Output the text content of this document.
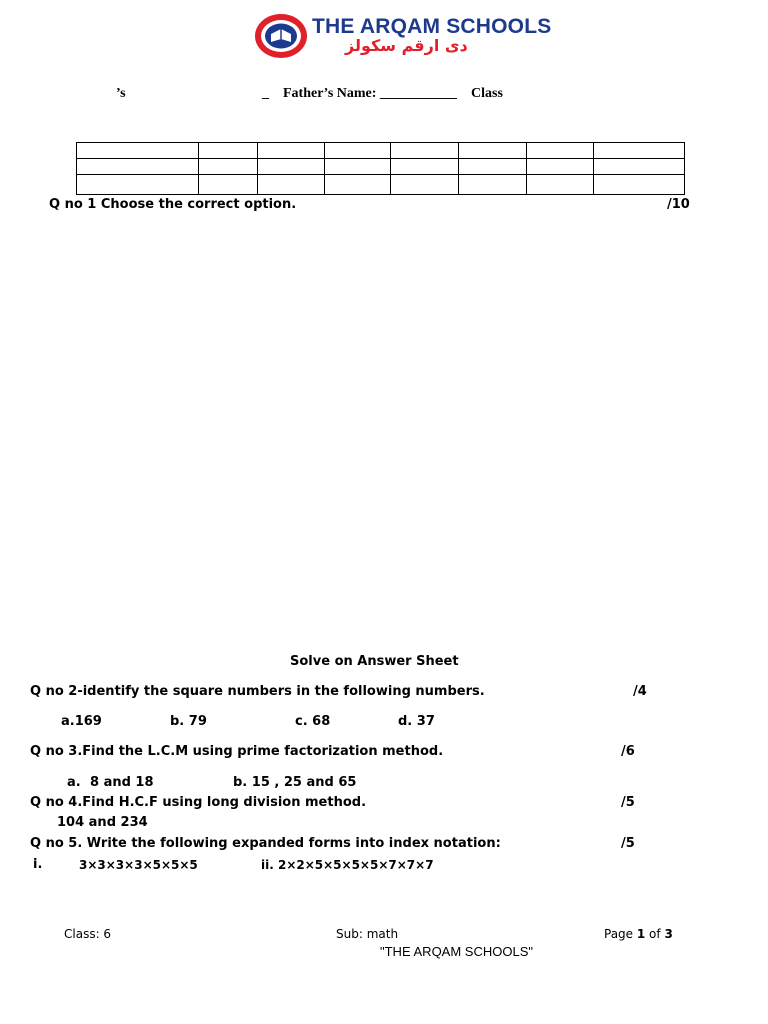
THE ARQAM SCHOOLS
دی ارقم سکولز
’s	_ Father’s Name: ___________ Class

Q no 1 Choose the correct option.	/10
Solve on Answer Sheet
Q no 2-identify the square numbers in the following numbers.	/4
a.169	b. 79	c. 68	d. 37
Q no 3.Find the L.C.M using prime factorization method.	/6
a. 8 and 18	b. 15 , 25 and 65
Q no 4.Find H.C.F using long division method.	/5
104 and 234
Q no 5. Write the following expanded forms into index notation:	/5
i.	3×3×3×3×5×5×5	ii. 2×2×5×5×5×5×7×7×7
Class: 6	Sub: math	Page 1 of 3
"THE ARQAM SCHOOLS"
